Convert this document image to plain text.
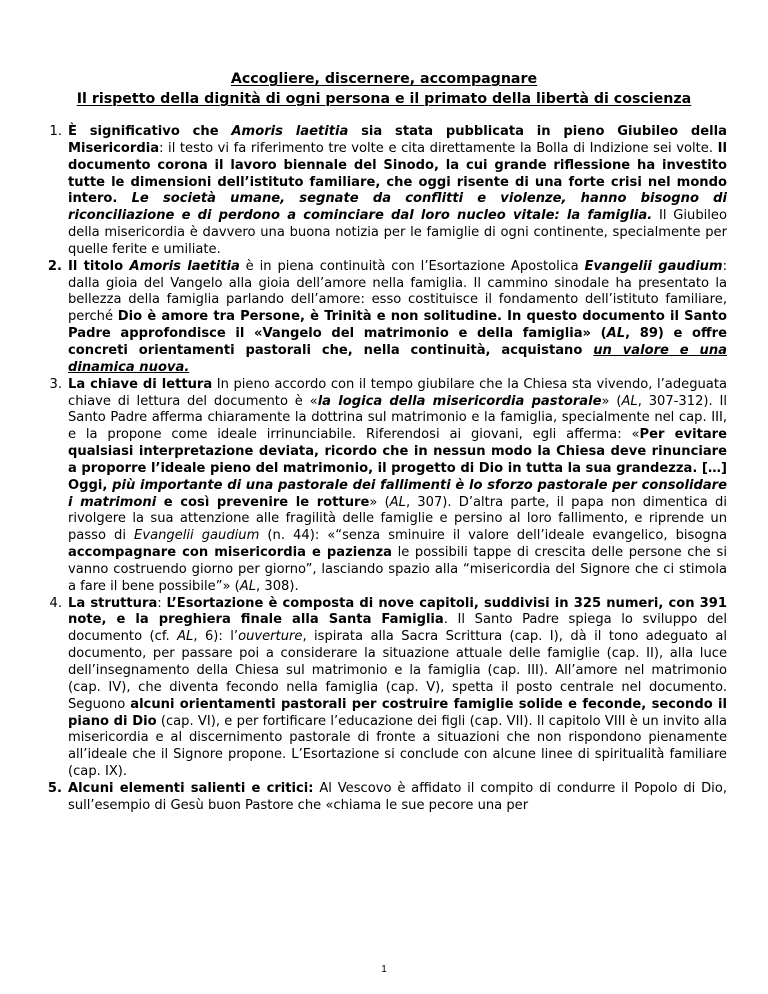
Accogliere, discernere, accompagnare
Il rispetto della dignità di ogni persona e il primato della libertà di coscienza
1. È significativo che Amoris laetitia sia stata pubblicata in pieno Giubileo della Misericordia: il testo vi fa riferimento tre volte e cita direttamente la Bolla di Indizione sei volte. Il documento corona il lavoro biennale del Sinodo, la cui grande riflessione ha investito tutte le dimensioni dell’istituto familiare, che oggi risente di una forte crisi nel mondo intero. Le società umane, segnate da conflitti e violenze, hanno bisogno di riconciliazione e di perdono a cominciare dal loro nucleo vitale: la famiglia. Il Giubileo della misericordia è davvero una buona notizia per le famiglie di ogni continente, specialmente per quelle ferite e umiliate.
2. Il titolo Amoris laetitia è in piena continuità con l’Esortazione Apostolica Evangelii gaudium: dalla gioia del Vangelo alla gioia dell’amore nella famiglia. Il cammino sinodale ha presentato la bellezza della famiglia parlando dell’amore: esso costituisce il fondamento dell’istituto familiare, perché Dio è amore tra Persone, è Trinità e non solitudine. In questo documento il Santo Padre approfondisce il «Vangelo del matrimonio e della famiglia» (AL, 89) e offre concreti orientamenti pastorali che, nella continuità, acquistano un valore e una dinamica nuova.
3. La chiave di lettura In pieno accordo con il tempo giubilare che la Chiesa sta vivendo, l’adeguata chiave di lettura del documento è «la logica della misericordia pastorale» (AL, 307-312). Il Santo Padre afferma chiaramente la dottrina sul matrimonio e la famiglia, specialmente nel cap. III, e la propone come ideale irrinunciabile. Riferendosi ai giovani, egli afferma: «Per evitare qualsiasi interpretazione deviata, ricordo che in nessun modo la Chiesa deve rinunciare a proporre l’ideale pieno del matrimonio, il progetto di Dio in tutta la sua grandezza. […] Oggi, più importante di una pastorale dei fallimenti è lo sforzo pastorale per consolidare i matrimoni e così prevenire le rotture» (AL, 307). D’altra parte, il papa non dimentica di rivolgere la sua attenzione alle fragilità delle famiglie e persino al loro fallimento, e riprende un passo di Evangelii gaudium (n. 44): «“senza sminuire il valore dell’ideale evangelico, bisogna accompagnare con misericordia e pazienza le possibili tappe di crescita delle persone che si vanno costruendo giorno per giorno”, lasciando spazio alla “misericordia del Signore che ci stimola a fare il bene possibile”» (AL, 308).
4. La struttura: L’Esortazione è composta di nove capitoli, suddivisi in 325 numeri, con 391 note, e la preghiera finale alla Santa Famiglia. Il Santo Padre spiega lo sviluppo del documento (cf. AL, 6): l’ouverture, ispirata alla Sacra Scrittura (cap. I), dà il tono adeguato al documento, per passare poi a considerare la situazione attuale delle famiglie (cap. II), alla luce dell’insegnamento della Chiesa sul matrimonio e la famiglia (cap. III). All’amore nel matrimonio (cap. IV), che diventa fecondo nella famiglia (cap. V), spetta il posto centrale nel documento. Seguono alcuni orientamenti pastorali per costruire famiglie solide e feconde, secondo il piano di Dio (cap. VI), e per fortificare l’educazione dei figli (cap. VII). Il capitolo VIII è un invito alla misericordia e al discernimento pastorale di fronte a situazioni che non rispondono pienamente all’ideale che il Signore propone. L’Esortazione si conclude con alcune linee di spiritualità familiare (cap. IX).
5. Alcuni elementi salienti e critici: Al Vescovo è affidato il compito di condurre il Popolo di Dio, sull’esempio di Gesù buon Pastore che «chiama le sue pecore una per
1
